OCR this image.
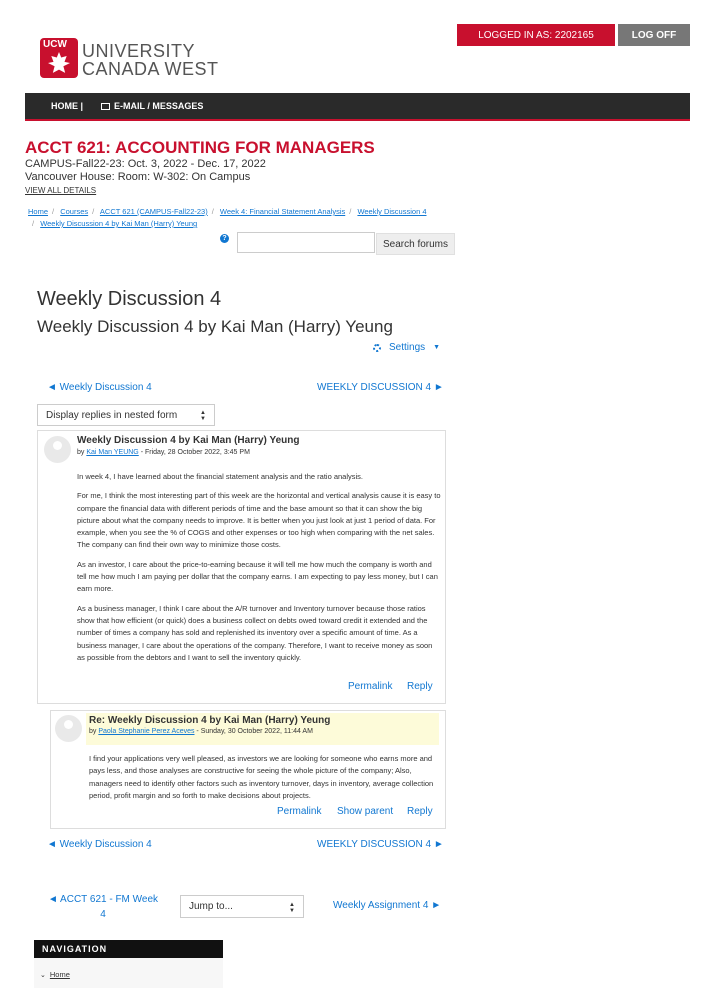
LOGGED IN AS: 2202165	LOG OFF
UCW UNIVERSITY
CANADA WEST
HOME |	E-MAIL / MESSAGES
ACCT 621: ACCOUNTING FOR MANAGERS
CAMPUS-Fall22-23: Oct. 3, 2022 - Dec. 17, 2022
Vancouver House: Room: W-302: On Campus
VIEW ALL DETAILS
Home / Courses / ACCT 621 (CAMPUS-Fall22-23) / Week 4: Financial Statement Analysis / Weekly Discussion 4
/ Weekly Discussion 4 by Kai Man (Harry) Yeung
?	Search forums
Weekly Discussion 4
Weekly Discussion 4 by Kai Man (Harry) Yeung
Settings ▼
◄ Weekly Discussion 4	WEEKLY DISCUSSION 4 ►
Display replies in nested form	▲
▼
Weekly Discussion 4 by Kai Man (Harry) Yeung
by Kai Man YEUNG - Friday, 28 October 2022, 3:45 PM

In week 4, I have learned about the financial statement analysis and the ratio analysis.

For me, I think the most interesting part of this week are the horizontal and vertical analysis cause it is easy to compare the financial data with different periods of time and the base amount so that it can show the big picture about what the company needs to improve. It is better when you just look at just 1 period of data. For example, when you see the % of COGS and other expenses or too high when comparing with the net sales. The company can find their own way to minimize those costs.

As an investor, I care about the price-to-earning because it will tell me how much the company is worth and tell me how much I am paying per dollar that the company earns. I am expecting to pay less money, but I can earn more.

As a business manager, I think I care about the A/R turnover and Inventory turnover because those ratios show that how efficient (or quick) does a business collect on debts owed toward credit it extended and the number of times a company has sold and replenished its inventory over a specific amount of time. As a business manager, I care about the operations of the company. Therefore, I want to receive money as soon as possible from the debtors and I want to sell the inventory quickly.

Permalink Reply
Re: Weekly Discussion 4 by Kai Man (Harry) Yeung
by Paola Stephanie Perez Aceves - Sunday, 30 October 2022, 11:44 AM

I find your applications very well pleased, as investors we are looking for someone who earns more and pays less, and those analyses are constructive for seeing the whole picture of the company; Also, managers need to identify other factors such as inventory turnover, days in inventory, average collection period, profit margin and so forth to make decisions about projects.

Permalink Show parent Reply
◄ Weekly Discussion 4	WEEKLY DISCUSSION 4 ►
◄ ACCT 621 - FM Week
4
Jump to...	▲
▼	Weekly Assignment 4 ►
NAVIGATION
⌄ Home
